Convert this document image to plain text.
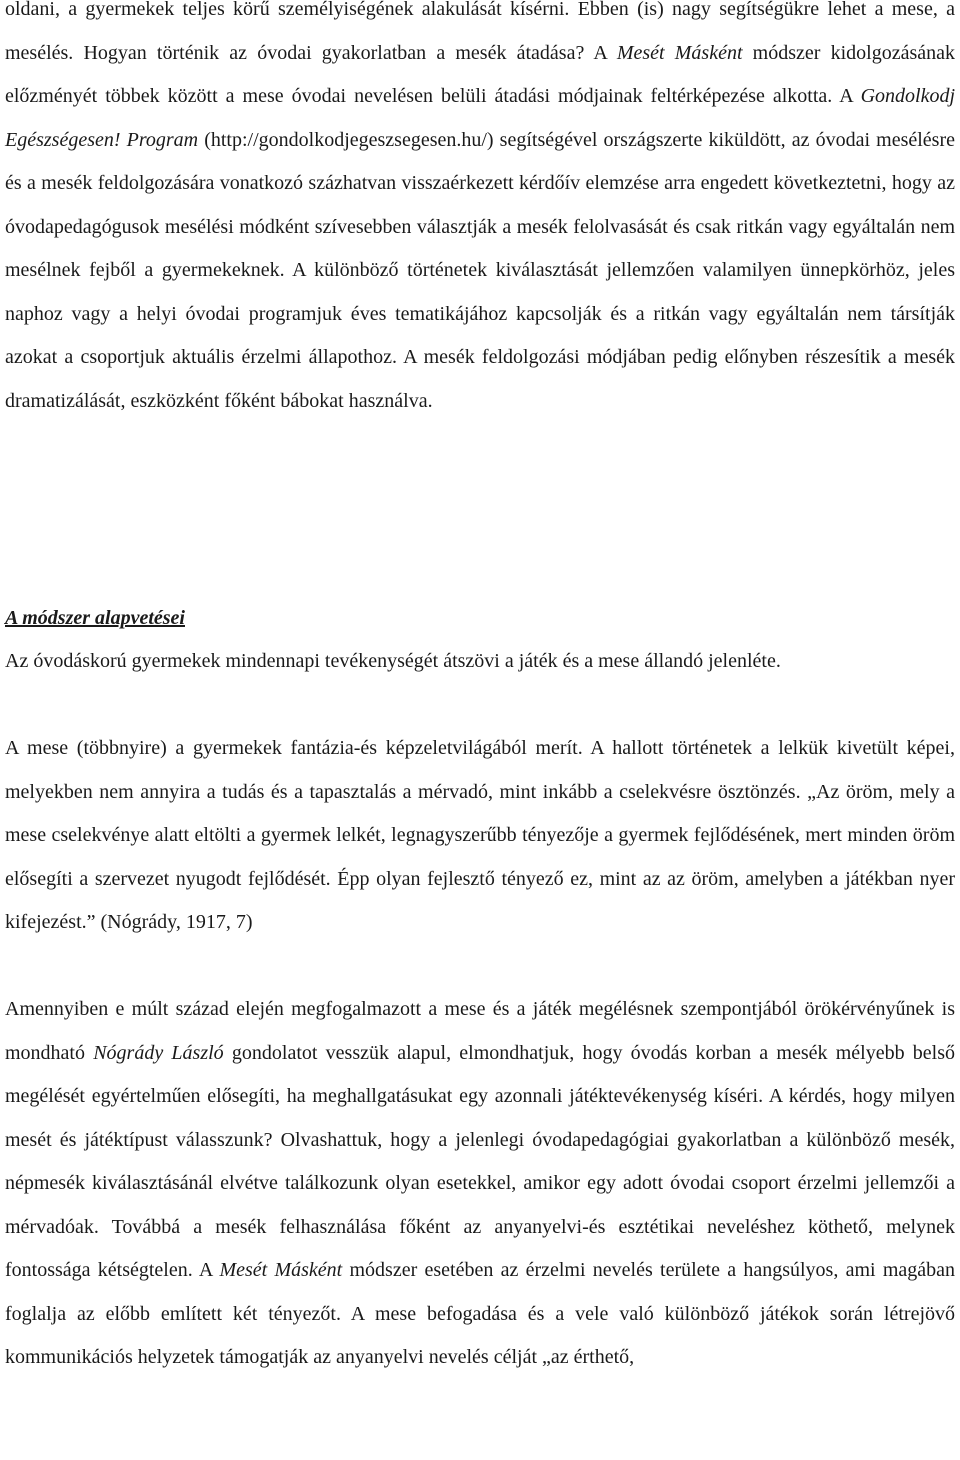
oldani, a gyermekek teljes körű személyiségének alakulását kísérni. Ebben (is) nagy segítségükre lehet a mese, a mesélés. Hogyan történik az óvodai gyakorlatban a mesék átadása? A Mesét Másként módszer kidolgozásának előzményét többek között a mese óvodai nevelésen belüli átadási módjainak feltérképezése alkotta. A Gondolkodj Egészségesen! Program (http://gondolkodjegeszsegesen.hu/) segítségével országszerte kiküldött, az óvodai mesélésre és a mesék feldolgozására vonatkozó százhatvan visszaérkezett kérdőív elemzése arra engedett következtetni, hogy az óvodapedagógusok mesélési módként szívesebben választják a mesék felolvasását és csak ritkán vagy egyáltalán nem mesélnek fejből a gyermekeknek. A különböző történetek kiválasztását jellemzően valamilyen ünnepkörhöz, jeles naphoz vagy a helyi óvodai programjuk éves tematikájához kapcsolják és a ritkán vagy egyáltalán nem társítják azokat a csoportjuk aktuális érzelmi állapothoz. A mesék feldolgozási módjában pedig előnyben részesítik a mesék dramatizálását, eszközként főként bábokat használva.

A módszer alapvetései

Az óvodáskorú gyermekek mindennapi tevékenységét átszövi a játék és a mese állandó jelenléte.

A mese (többnyire) a gyermekek fantázia-és képzeletvilágából merít. A hallott történetek a lelkük kivetült képei, melyekben nem annyira a tudás és a tapasztalás a mérvadó, mint inkább a cselekvésre ösztönzés. „Az öröm, mely a mese cselekvénye alatt eltölti a gyermek lelkét, legnagyszerűbb tényezője a gyermek fejlődésének, mert minden öröm elősegíti a szervezet nyugodt fejlődését. Épp olyan fejlesztő tényező ez, mint az az öröm, amelyben a játékban nyer kifejezést.” (Nógrády, 1917, 7)

Amennyiben e múlt század elején megfogalmazott a mese és a játék megélésnek szempontjából örökérvényűnek is mondható Nógrády László gondolatot vesszük alapul, elmondhatjuk, hogy óvodás korban a mesék mélyebb belső megélését egyértelműen elősegíti, ha meghallgatásukat egy azonnali játéktevékenység kíséri. A kérdés, hogy milyen mesét és játéktípust válasszunk? Olvashattuk, hogy a jelenlegi óvodapedagógiai gyakorlatban a különböző mesék, népmesék kiválasztásánál elvétve találkozunk olyan esetekkel, amikor egy adott óvodai csoport érzelmi jellemzői a mérvadóak. Továbbá a mesék felhasználása főként az anyanyelvi-és esztétikai neveléshez köthető, melynek fontossága kétségtelen. A Mesét Másként módszer esetében az érzelmi nevelés területe a hangsúlyos, ami magában foglalja az előbb említett két tényezőt. A mese befogadása és a vele való különböző játékok során létrejövő kommunikációs helyzetek támogatják az anyanyelvi nevelés célját „az érthető,
